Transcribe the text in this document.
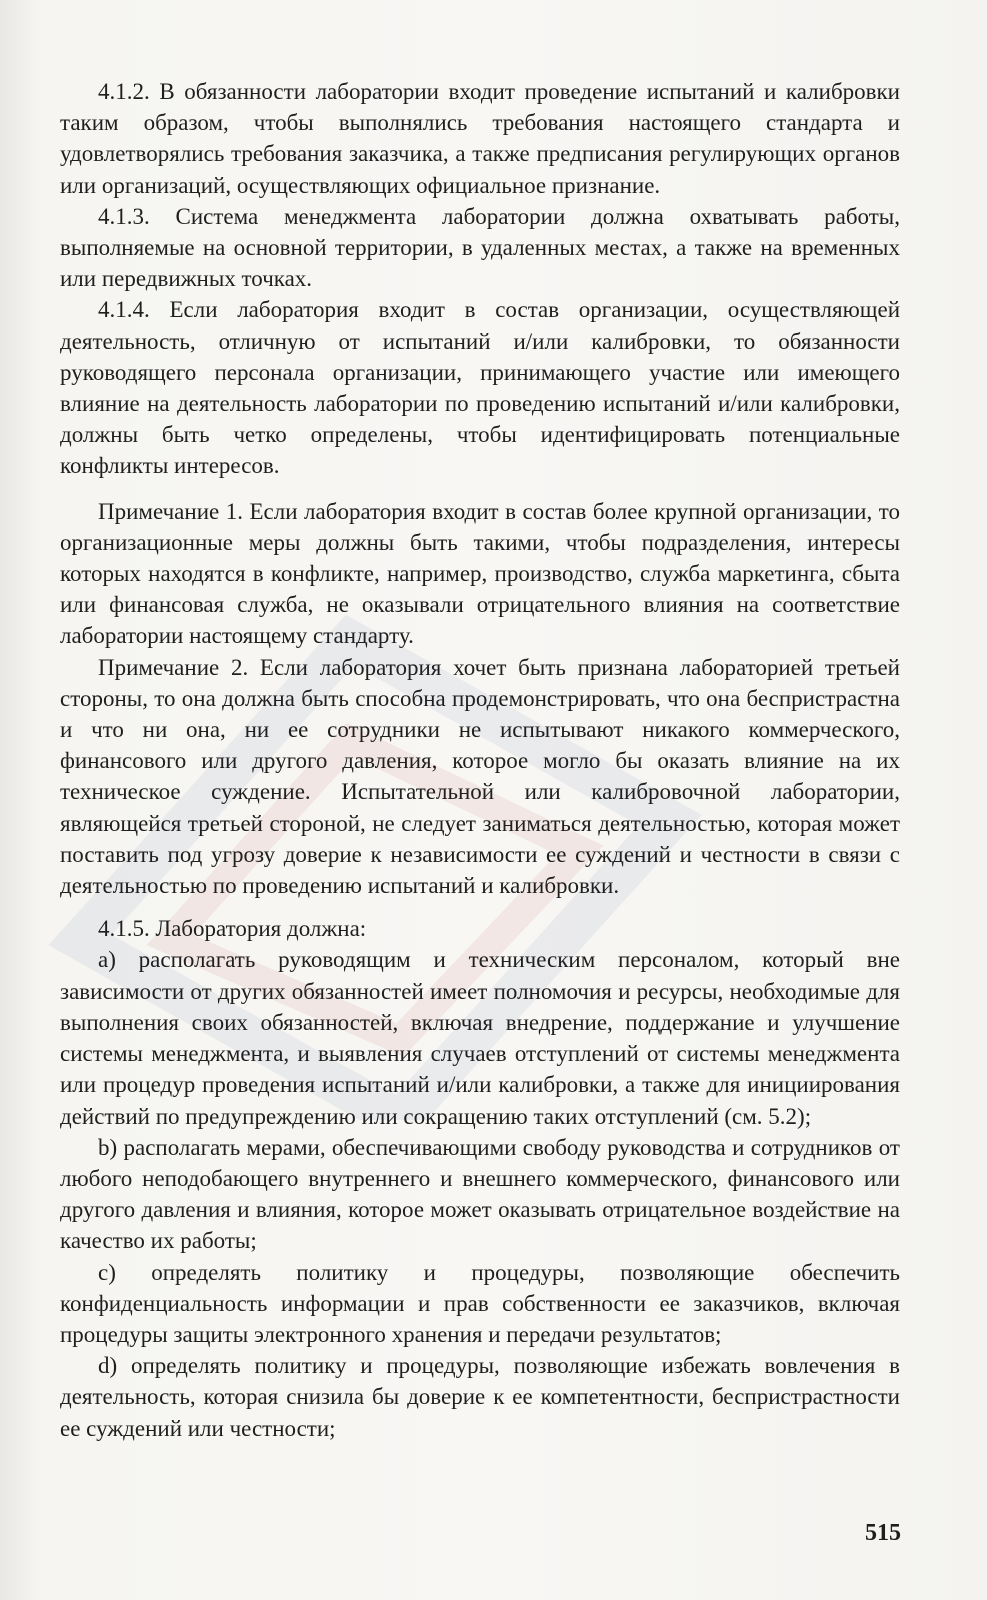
4.1.2. В обязанности лаборатории входит проведение испытаний и калибровки таким образом, чтобы выполнялись требования настоящего стандарта и удовлетворялись требования заказчика, а также предписания регулирующих органов или организаций, осуществляющих официальное признание.

4.1.3. Система менеджмента лаборатории должна охватывать работы, выполняемые на основной территории, в удаленных местах, а также на временных или передвижных точках.

4.1.4. Если лаборатория входит в состав организации, осуществляющей деятельность, отличную от испытаний и/или калибровки, то обязанности руководящего персонала организации, принимающего участие или имеющего влияние на деятельность лаборатории по проведению испытаний и/или калибровки, должны быть четко определены, чтобы идентифицировать потенциальные конфликты интересов.

Примечание 1. Если лаборатория входит в состав более крупной организации, то организационные меры должны быть такими, чтобы подразделения, интересы которых находятся в конфликте, например, производство, служба маркетинга, сбыта или финансовая служба, не оказывали отрицательного влияния на соответствие лаборатории настоящему стандарту.

Примечание 2. Если лаборатория хочет быть признана лабораторией третьей стороны, то она должна быть способна продемонстрировать, что она беспристрастна и что ни она, ни ее сотрудники не испытывают никакого коммерческого, финансового или другого давления, которое могло бы оказать влияние на их техническое суждение. Испытательной или калибровочной лаборатории, являющейся третьей стороной, не следует заниматься деятельностью, которая может поставить под угрозу доверие к независимости ее суждений и честности в связи с деятельностью по проведению испытаний и калибровки.

4.1.5. Лаборатория должна:

a) располагать руководящим и техническим персоналом, который вне зависимости от других обязанностей имеет полномочия и ресурсы, необходимые для выполнения своих обязанностей, включая внедрение, поддержание и улучшение системы менеджмента, и выявления случаев отступлений от системы менеджмента или процедур проведения испытаний и/или калибровки, а также для инициирования действий по предупреждению или сокращению таких отступлений (см. 5.2);

b) располагать мерами, обеспечивающими свободу руководства и сотрудников от любого неподобающего внутреннего и внешнего коммерческого, финансового или другого давления и влияния, которое может оказывать отрицательное воздействие на качество их работы;

c) определять политику и процедуры, позволяющие обеспечить конфиденциальность информации и прав собственности ее заказчиков, включая процедуры защиты электронного хранения и передачи результатов;

d) определять политику и процедуры, позволяющие избежать вовлечения в деятельность, которая снизила бы доверие к ее компетентности, беспристрастности ее суждений или честности;

515
